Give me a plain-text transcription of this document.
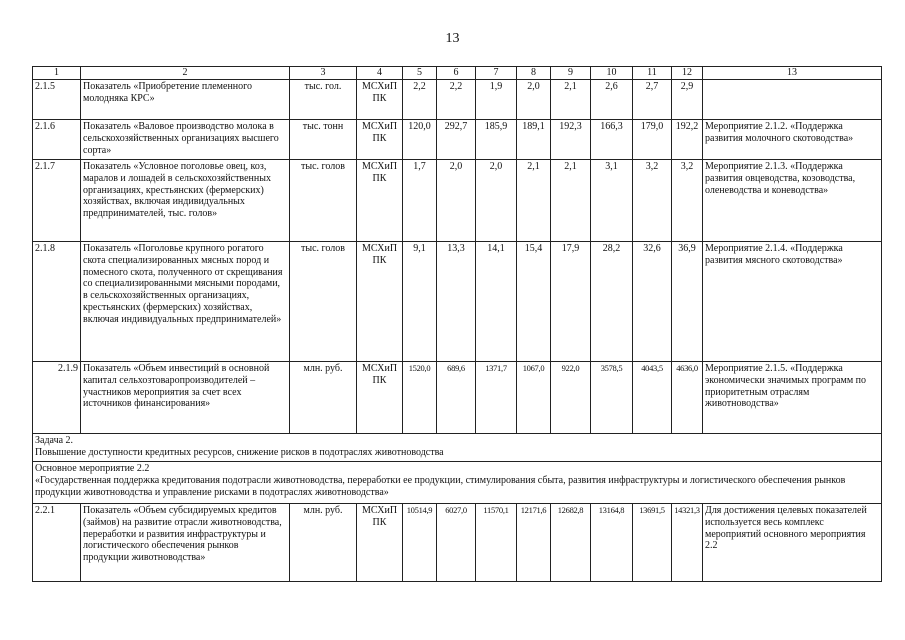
13
1	2	3	4	5	6	7	8	9	10	11	12	13
2.1.5	Показатель «Приобретение племенного молодняка КРС»	тыс. гол.	МСХиП ПК	2,2	2,2	1,9	2,0	2,1	2,6	2,7	2,9	
2.1.6	Показатель «Валовое производство молока в сельскохозяйственных организациях высшего сорта»	тыс. тонн	МСХиП ПК	120,0	292,7	185,9	189,1	192,3	166,3	179,0	192,2	Мероприятие 2.1.2. «Поддержка развития молочного скотоводства»
2.1.7	Показатель «Условное поголовье овец, коз, маралов и лошадей в сельскохозяйственных организациях, крестьянских (фермерских) хозяйствах, включая индивидуальных предпринимателей, тыс. голов»	тыс. голов	МСХиП ПК	1,7	2,0	2,0	2,1	2,1	3,1	3,2	3,2	Мероприятие 2.1.3. «Поддержка развития овцеводства, козоводства, оленеводства и коневодства»
2.1.8	Показатель «Поголовье крупного рогатого скота специализированных мясных пород и помесного скота, полученного от скрещивания со специализированными мясными породами, в сельскохозяйственных организациях, крестьянских (фермерских) хозяйствах, включая индивидуальных предпринимателей»	тыс. голов	МСХиП ПК	9,1	13,3	14,1	15,4	17,9	28,2	32,6	36,9	Мероприятие 2.1.4. «Поддержка развития мясного скотоводства»
2.1.9	Показатель «Объем инвестиций в основной капитал сельхозтоваропроизводителей – участников мероприятия за счет всех источников финансирования»	млн. руб.	МСХиП ПК	1520,0	689,6	1371,7	1067,0	922,0	3578,5	4043,5	4636,0	Мероприятие 2.1.5. «Поддержка экономически значимых программ по приоритетным отраслям животноводства»

Задача 2.
Повышение доступности кредитных ресурсов, снижение рисков в подотраслях животноводства												

Основное мероприятие 2.2
«Государственная поддержка кредитования подотрасли животноводства, переработки ее продукции, стимулирования сбыта, развития инфраструктуры и логистического обеспечения рынков продукции животноводства и управление рисками в подотраслях животноводства»												

2.2.1	Показатель «Объем субсидируемых кредитов (займов) на развитие отрасли животноводства, переработки и развития инфраструктуры и логистического обеспечения рынков продукции животноводства»	млн. руб.	МСХиП ПК	10514,9	6027,0	11570,1	12171,6	12682,8	13164,8	13691,5	14321,3	Для достижения целевых показателей используется весь комплекс мероприятий основного мероприятия 2.2
